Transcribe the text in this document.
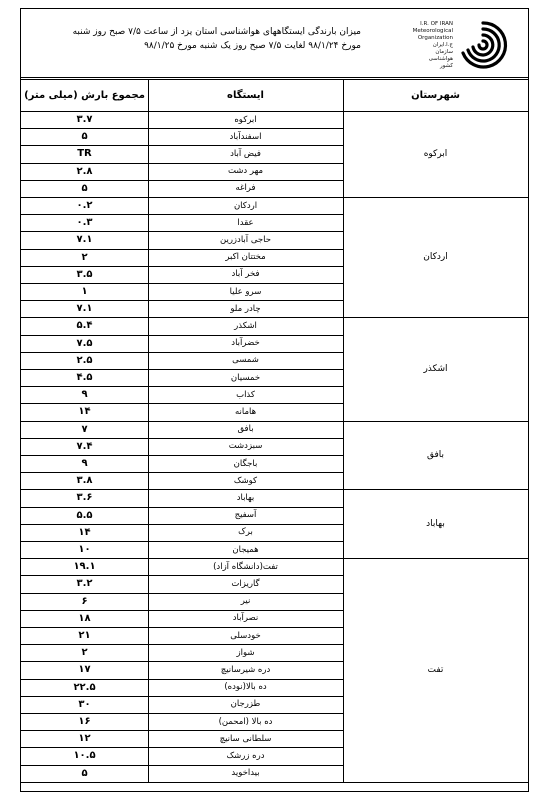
میزان بارندگی ایستگاههای هواشناسی استان یزد از ساعت ۷/۵ صبح روز شنبه
مورخ ۹۸/۱/۲۴ لغایت ۷/۵ صبح روز یک شنبه مورخ ۹۸/۱/۲۵
I.R. OF IRAN
Meteorological
Organization
ج.ا.ایران
سازمان
هواشناسی
کشور
شهرستان
ایستگاه
مجموع بارش (میلی متر)
ابرکوه
۳.۷
اسفندآباد
۵
فیض آباد
TR
مهر دشت
۲.۸
فراغه
۵
ابرکوه
اردکان
۰.۲
عقدا
۰.۳
حاجی آبادزرین
۷.۱
مختتان اکبر
۲
فخر آباد
۳.۵
سرو علیا
۱
چادر ملو
۷.۱
اردکان
اشکذر
۵.۴
خضرآباد
۷.۵
شمسی
۲.۵
خمسیان
۴.۵
کذاب
۹
هامانه
۱۴
اشکذر
بافق
۷
سبزدشت
۷.۴
باجگان
۹
کوشک
۳.۸
بافق
بهاباد
۳.۶
آسفیج
۵.۵
برک
۱۴
همیجان
۱۰
بهاباد
تفت(دانشگاه آزاد)
۱۹.۱
گاریزات
۳.۲
نیر
۶
نصرآباد
۱۸
خودسلی
۲۱
شواز
۲
دره شیرسانیچ
۱۷
ده بالا(نوده)
۲۲.۵
طزرجان
۳۰
ده بالا (امحمن)
۱۶
سلطانی سانیچ
۱۲
دره زرشک
۱۰.۵
بیداخوید
۵
تفت
